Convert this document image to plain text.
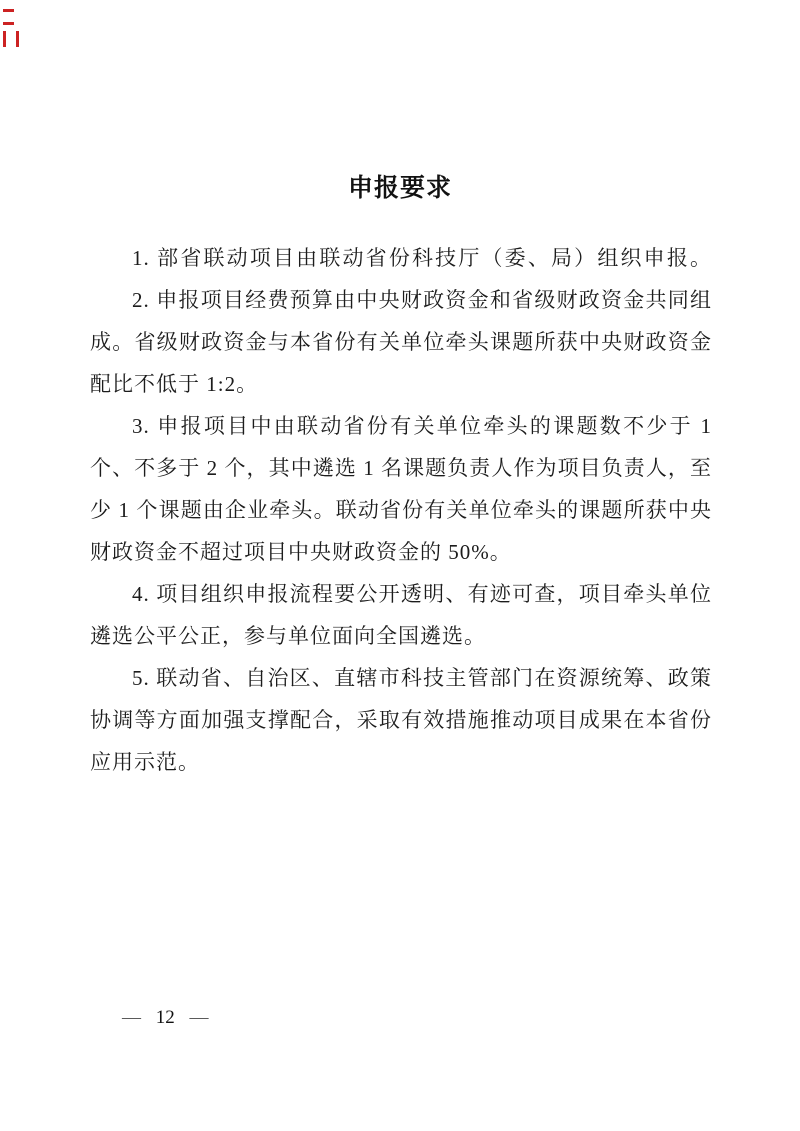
申报要求

1. 部省联动项目由联动省份科技厅（委、局）组织申报。

2. 申报项目经费预算由中央财政资金和省级财政资金共同组成。省级财政资金与本省份有关单位牵头课题所获中央财政资金配比不低于 1:2。

3. 申报项目中由联动省份有关单位牵头的课题数不少于 1 个、不多于 2 个，其中遴选 1 名课题负责人作为项目负责人，至少 1 个课题由企业牵头。联动省份有关单位牵头的课题所获中央财政资金不超过项目中央财政资金的 50%。

4. 项目组织申报流程要公开透明、有迹可查，项目牵头单位遴选公平公正，参与单位面向全国遴选。

5. 联动省、自治区、直辖市科技主管部门在资源统筹、政策协调等方面加强支撑配合，采取有效措施推动项目成果在本省份应用示范。

— 12 —
